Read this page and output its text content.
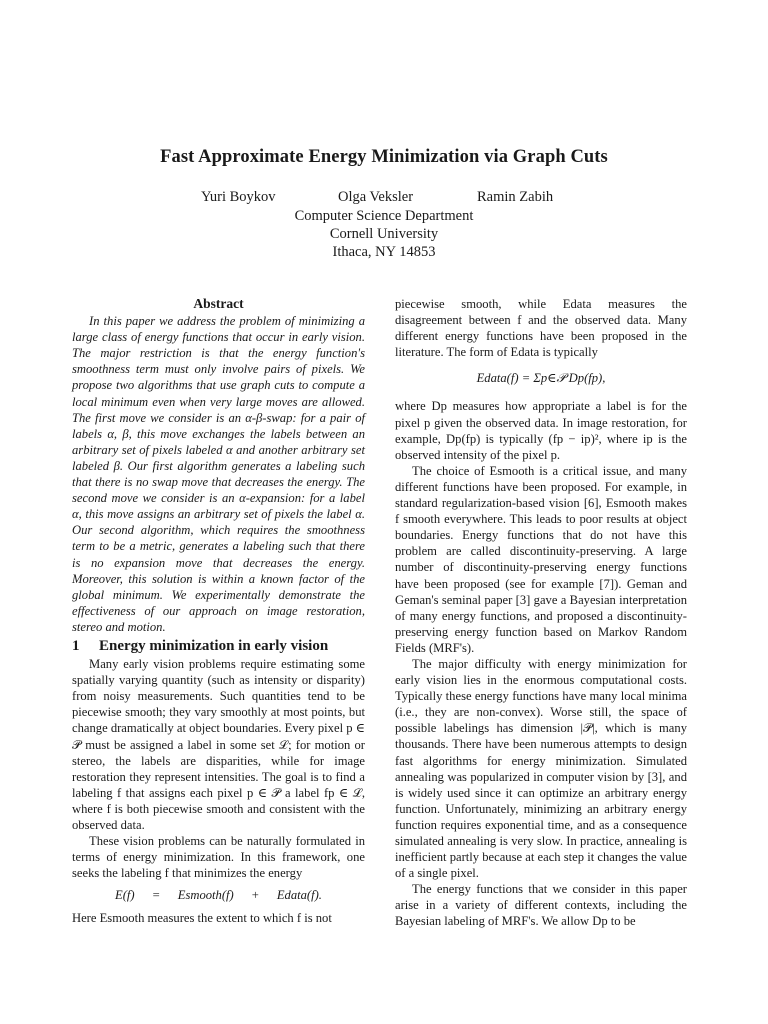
Fast Approximate Energy Minimization via Graph Cuts
Yuri Boykov	Olga Veksler	Ramin Zabih
Computer Science Department
Cornell University
Ithaca, NY 14853
Abstract

In this paper we address the problem of minimizing a large class of energy functions that occur in early vision. The major restriction is that the energy function's smoothness term must only involve pairs of pixels. We propose two algorithms that use graph cuts to compute a local minimum even when very large moves are allowed. The first move we consider is an α-β-swap: for a pair of labels α, β, this move exchanges the labels between an arbitrary set of pixels labeled α and another arbitrary set labeled β. Our first algorithm generates a labeling such that there is no swap move that decreases the energy. The second move we consider is an α-expansion: for a label α, this move assigns an arbitrary set of pixels the label α. Our second algorithm, which requires the smoothness term to be a metric, generates a labeling such that there is no expansion move that decreases the energy. Moreover, this solution is within a known factor of the global minimum. We experimentally demonstrate the effectiveness of our approach on image restoration, stereo and motion.

1 Energy minimization in early vision

Many early vision problems require estimating some spatially varying quantity (such as intensity or disparity) from noisy measurements. Such quantities tend to be piecewise smooth; they vary smoothly at most points, but change dramatically at object boundaries. Every pixel p ∈ 𝒫 must be assigned a label in some set ℒ; for motion or stereo, the labels are disparities, while for image restoration they represent intensities. The goal is to find a labeling f that assigns each pixel p ∈ 𝒫 a label fp ∈ ℒ, where f is both piecewise smooth and consistent with the observed data.

These vision problems can be naturally formulated in terms of energy minimization. In this framework, one seeks the labeling f that minimizes the energy

E(f) = Esmooth(f) + Edata(f).

Here Esmooth measures the extent to which f is not

piecewise smooth, while Edata measures the disagreement between f and the observed data. Many different energy functions have been proposed in the literature. The form of Edata is typically

Edata(f) = Σp∈𝒫 Dp(fp),

where Dp measures how appropriate a label is for the pixel p given the observed data. In image restoration, for example, Dp(fp) is typically (fp − ip)², where ip is the observed intensity of the pixel p.

The choice of Esmooth is a critical issue, and many different functions have been proposed. For example, in standard regularization-based vision [6], Esmooth makes f smooth everywhere. This leads to poor results at object boundaries. Energy functions that do not have this problem are called discontinuity-preserving. A large number of discontinuity-preserving energy functions have been proposed (see for example [7]). Geman and Geman's seminal paper [3] gave a Bayesian interpretation of many energy functions, and proposed a discontinuity-preserving energy function based on Markov Random Fields (MRF's).

The major difficulty with energy minimization for early vision lies in the enormous computational costs. Typically these energy functions have many local minima (i.e., they are non-convex). Worse still, the space of possible labelings has dimension |𝒫|, which is many thousands. There have been numerous attempts to design fast algorithms for energy minimization. Simulated annealing was popularized in computer vision by [3], and is widely used since it can optimize an arbitrary energy function. Unfortunately, minimizing an arbitrary energy function requires exponential time, and as a consequence simulated annealing is very slow. In practice, annealing is inefficient partly because at each step it changes the value of a single pixel.

The energy functions that we consider in this paper arise in a variety of different contexts, including the Bayesian labeling of MRF's. We allow Dp to be
